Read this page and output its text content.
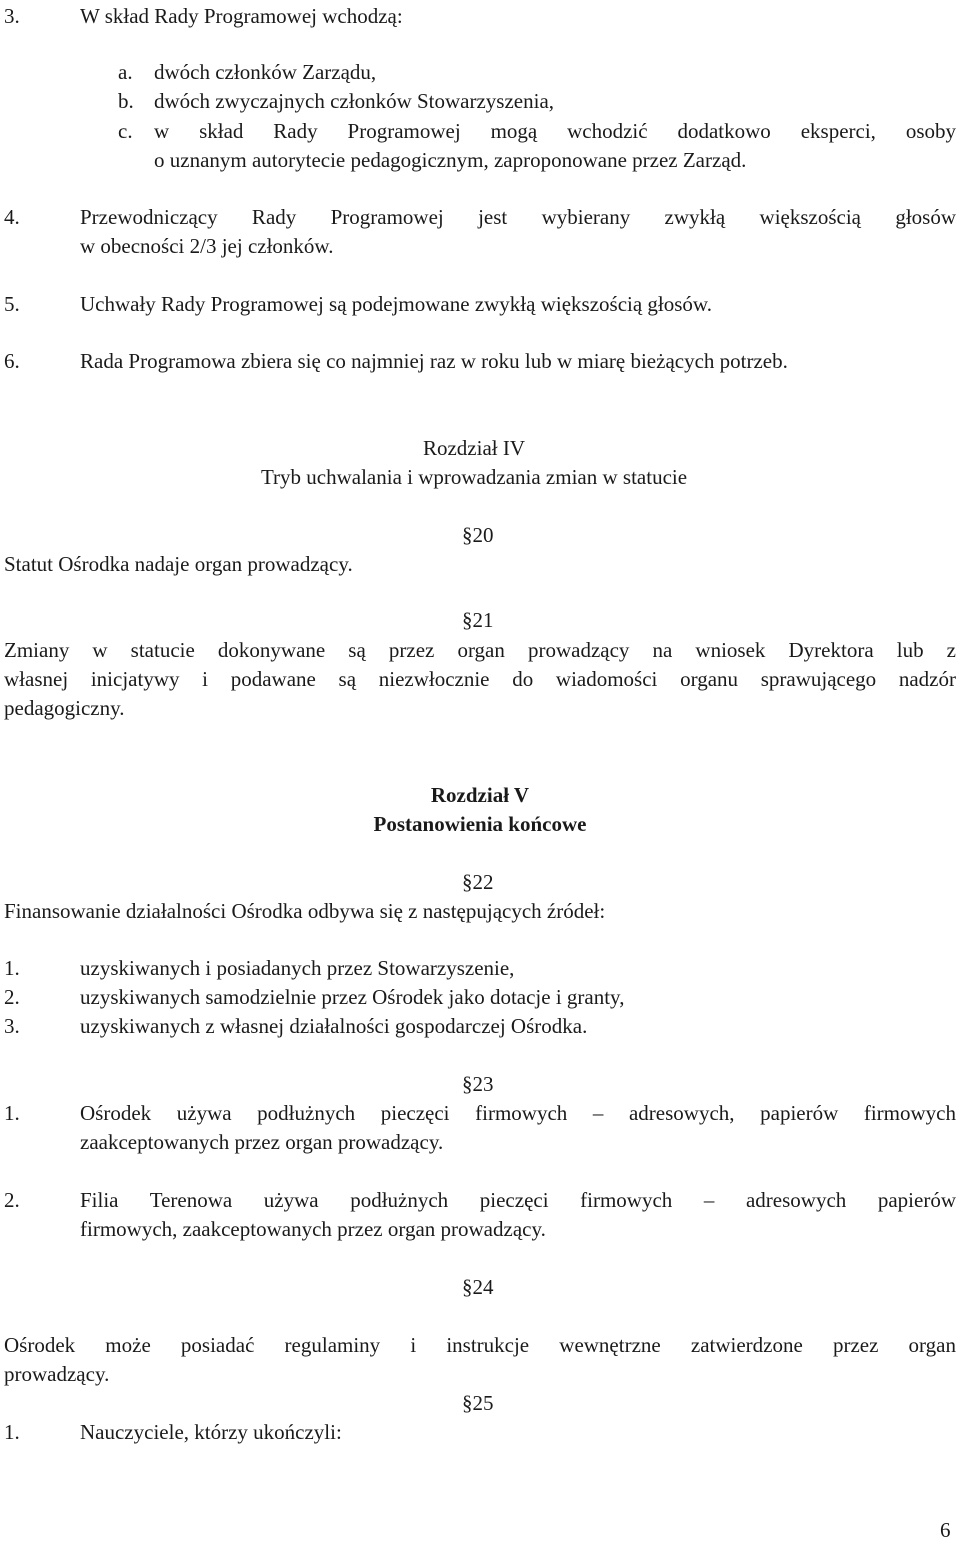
3.	W skład Rady Programowej wchodzą:
a. dwóch członków Zarządu,
b. dwóch zwyczajnych członków Stowarzyszenia,
c. w skład Rady Programowej mogą wchodzić dodatkowo eksperci, osoby
o uznanym autorytecie pedagogicznym, zaproponowane przez Zarząd.
4.	Przewodniczący Rady Programowej jest wybierany zwykłą większością głosów
w obecności 2/3 jej członków.
5.	Uchwały Rady Programowej są podejmowane zwykłą większością głosów.
6.	Rada Programowa zbiera się co najmniej raz w roku lub w miarę bieżących potrzeb.
Rozdział IV
Tryb uchwalania i wprowadzania zmian w statucie
§20
Statut Ośrodka nadaje organ prowadzący.
§21
Zmiany w statucie dokonywane są przez organ prowadzący na wniosek Dyrektora lub z
własnej inicjatywy i podawane są niezwłocznie do wiadomości organu sprawującego nadzór
pedagogiczny.
Rozdział V
Postanowienia końcowe
§22
Finansowanie działalności Ośrodka odbywa się z następujących źródeł:
1.	uzyskiwanych i posiadanych przez Stowarzyszenie,
2.	uzyskiwanych samodzielnie przez Ośrodek jako dotacje i granty,
3.	uzyskiwanych z własnej działalności gospodarczej Ośrodka.
§23
1.	Ośrodek używa podłużnych pieczęci firmowych – adresowych, papierów firmowych
zaakceptowanych przez organ prowadzący.
2.	Filia Terenowa używa podłużnych pieczęci firmowych – adresowych papierów
firmowych, zaakceptowanych przez organ prowadzący.
§24
Ośrodek może posiadać regulaminy i instrukcje wewnętrzne zatwierdzone przez organ
prowadzący.
§25
1.	Nauczyciele, którzy ukończyli:
6
